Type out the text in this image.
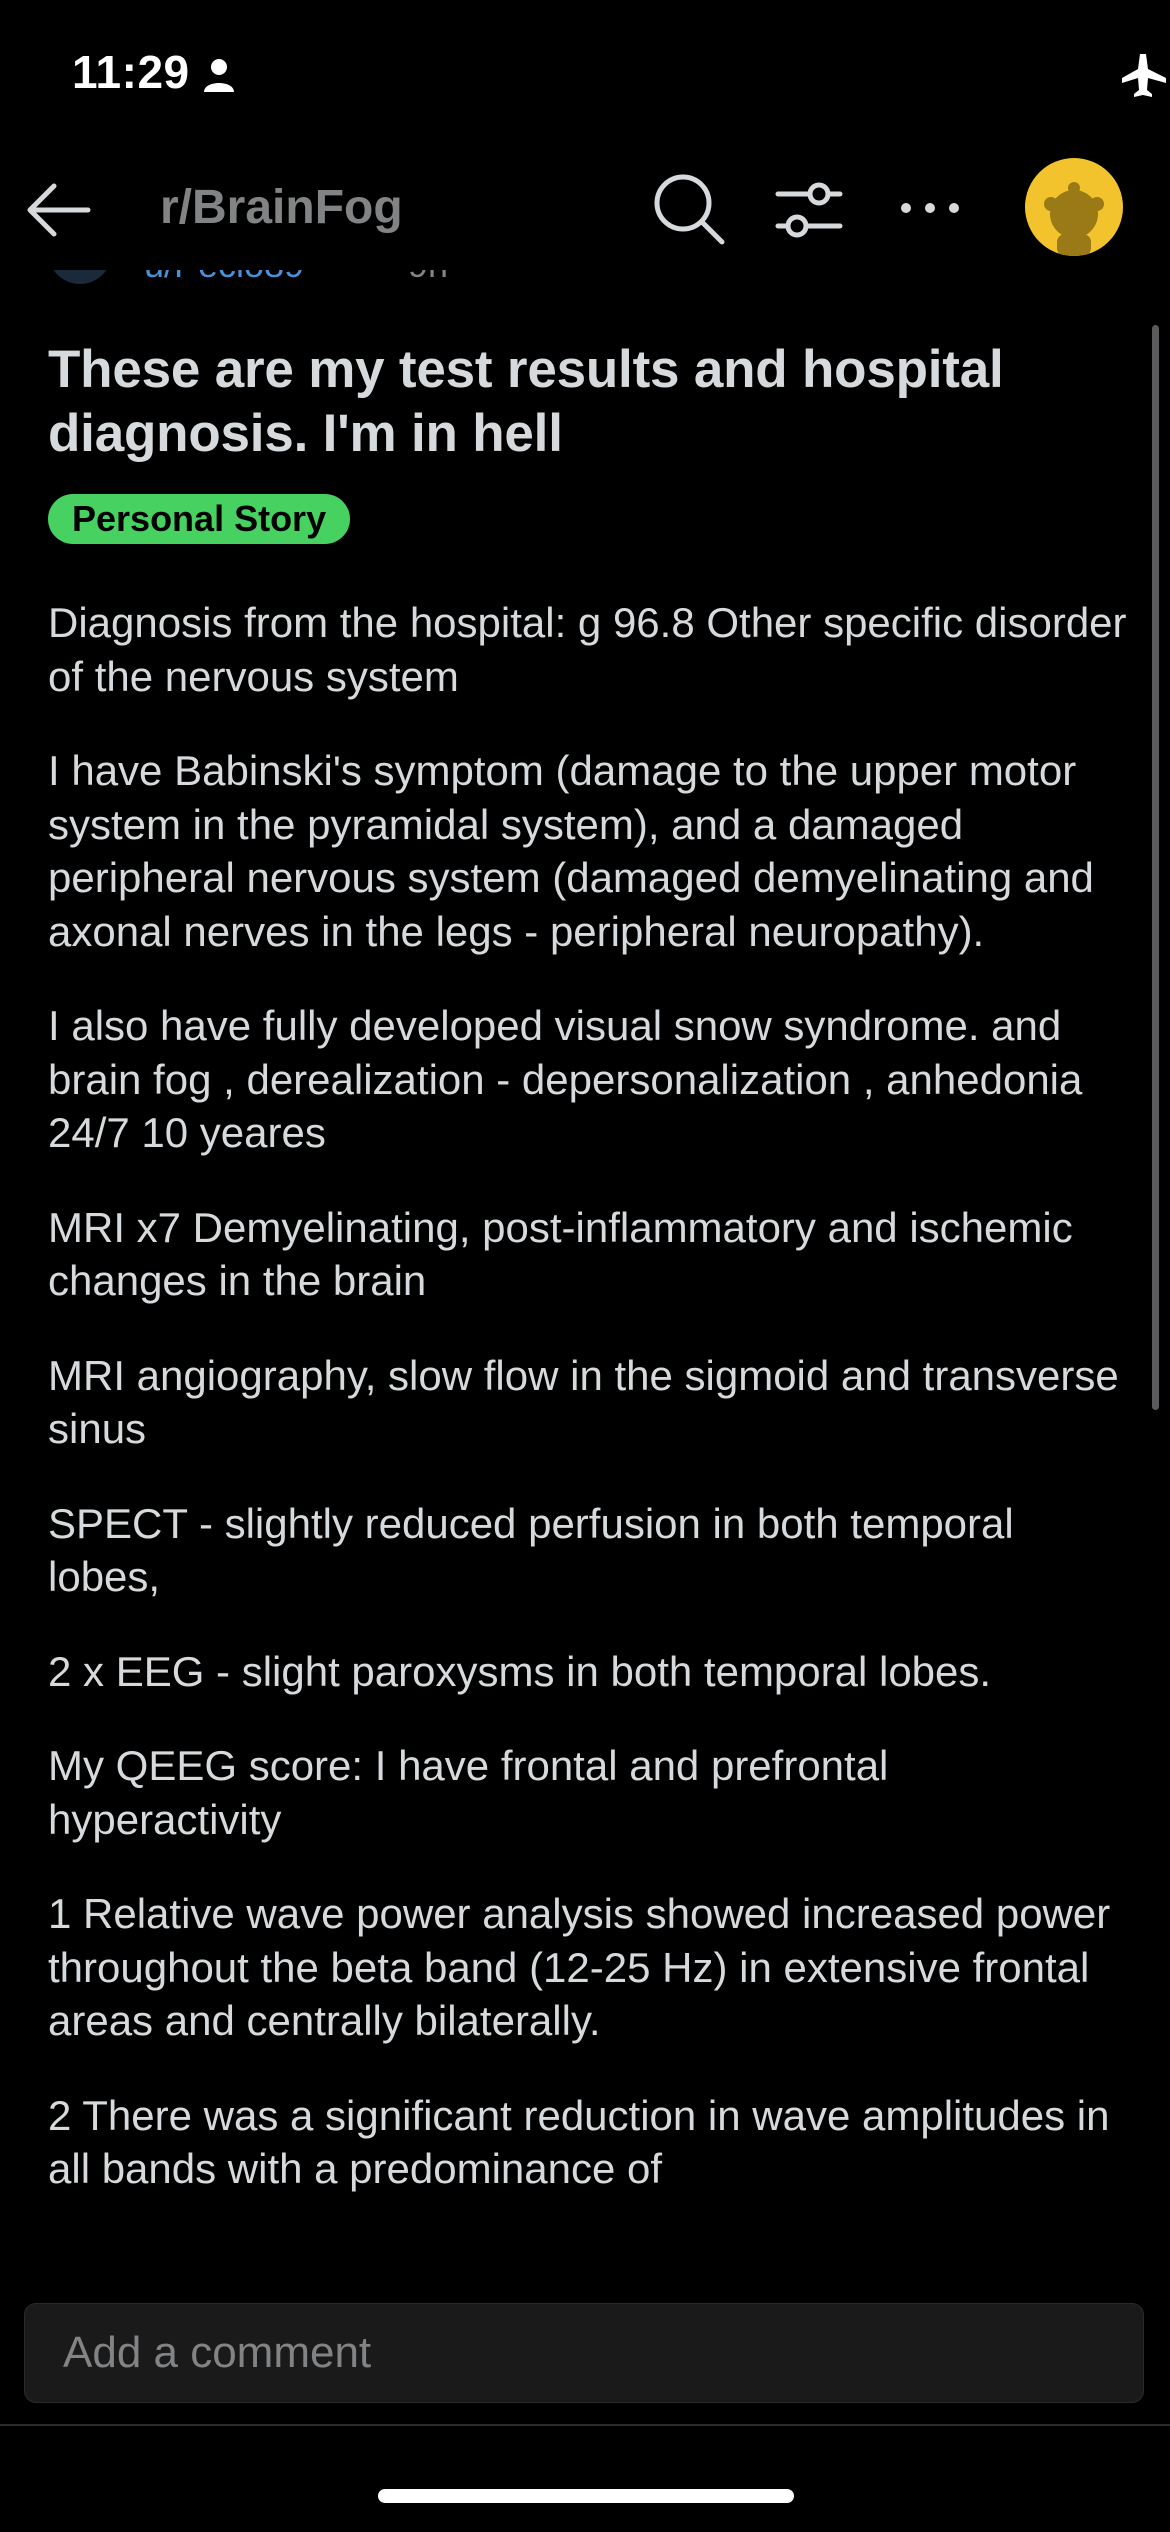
11:29
r/BrainFog
These are my test results and hospital diagnosis. I'm in hell
Personal Story

Diagnosis from the hospital: g 96.8 Other specific disorder of the nervous system

I have Babinski's symptom (damage to the upper motor system in the pyramidal system), and a damaged peripheral nervous system (damaged demyelinating and axonal nerves in the legs - peripheral neuropathy).

I also have fully developed visual snow syndrome. and brain fog , derealization - depersonalization , anhedonia 24/7 10 yeares

MRI x7 Demyelinating, post-inflammatory and ischemic changes in the brain

MRI angiography, slow flow in the sigmoid and transverse sinus

SPECT - slightly reduced perfusion in both temporal lobes,

2 x EEG - slight paroxysms in both temporal lobes.

My QEEG score: I have frontal and prefrontal hyperactivity

1 Relative wave power analysis showed increased power throughout the beta band (12-25 Hz) in extensive frontal areas and centrally bilaterally.

2 There was a significant reduction in wave amplitudes in all bands with a predominance of

Add a comment
